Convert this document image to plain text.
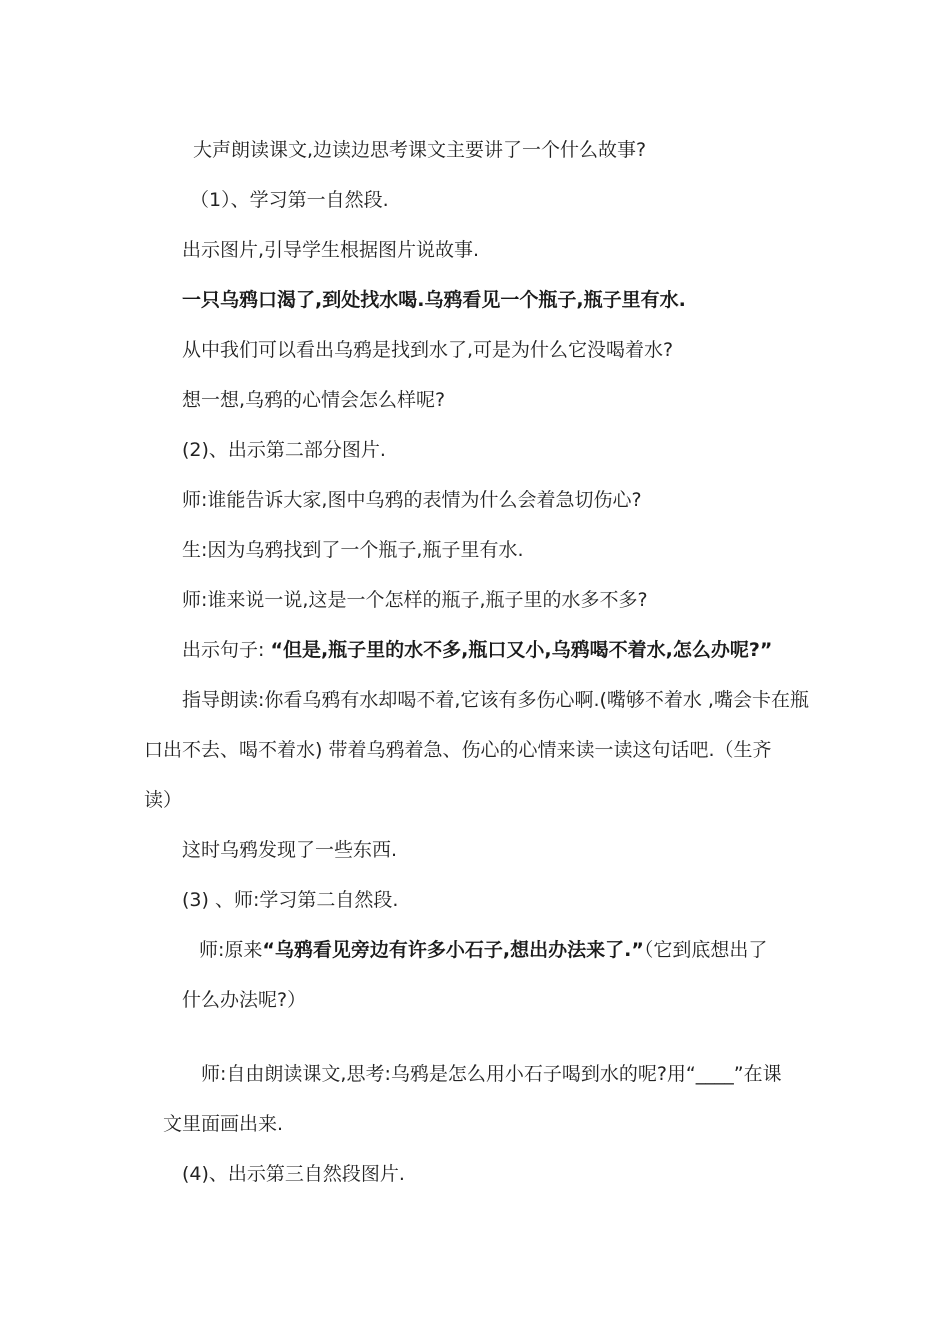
大声朗读课文,边读边思考课文主要讲了一个什么故事?
（1）、学习第一自然段.
出示图片,引导学生根据图片说故事.
一只乌鸦口渴了,到处找水喝.乌鸦看见一个瓶子,瓶子里有水.
从中我们可以看出乌鸦是找到水了,可是为什么它没喝着水?
想一想,乌鸦的心情会怎么样呢?
(2)、出示第二部分图片.
师:谁能告诉大家,图中乌鸦的表情为什么会着急切伤心?
生:因为乌鸦找到了一个瓶子,瓶子里有水.
师:谁来说一说,这是一个怎样的瓶子,瓶子里的水多不多?
出示句子: “但是,瓶子里的水不多,瓶口又小,乌鸦喝不着水,怎么办呢?”
指导朗读:你看乌鸦有水却喝不着,它该有多伤心啊.(嘴够不着水 ,嘴会卡在瓶
口出不去、喝不着水) 带着乌鸦着急、伤心的心情来读一读这句话吧.（生齐
读）
这时乌鸦发现了一些东西.
(3) 、师:学习第二自然段.
师:原来“乌鸦看见旁边有许多小石子,想出办法来了.”（它到底想出了
什么办法呢?）
师:自由朗读课文,思考:乌鸦是怎么用小石子喝到水的呢?用“____”在课
文里面画出来.
(4)、出示第三自然段图片.
